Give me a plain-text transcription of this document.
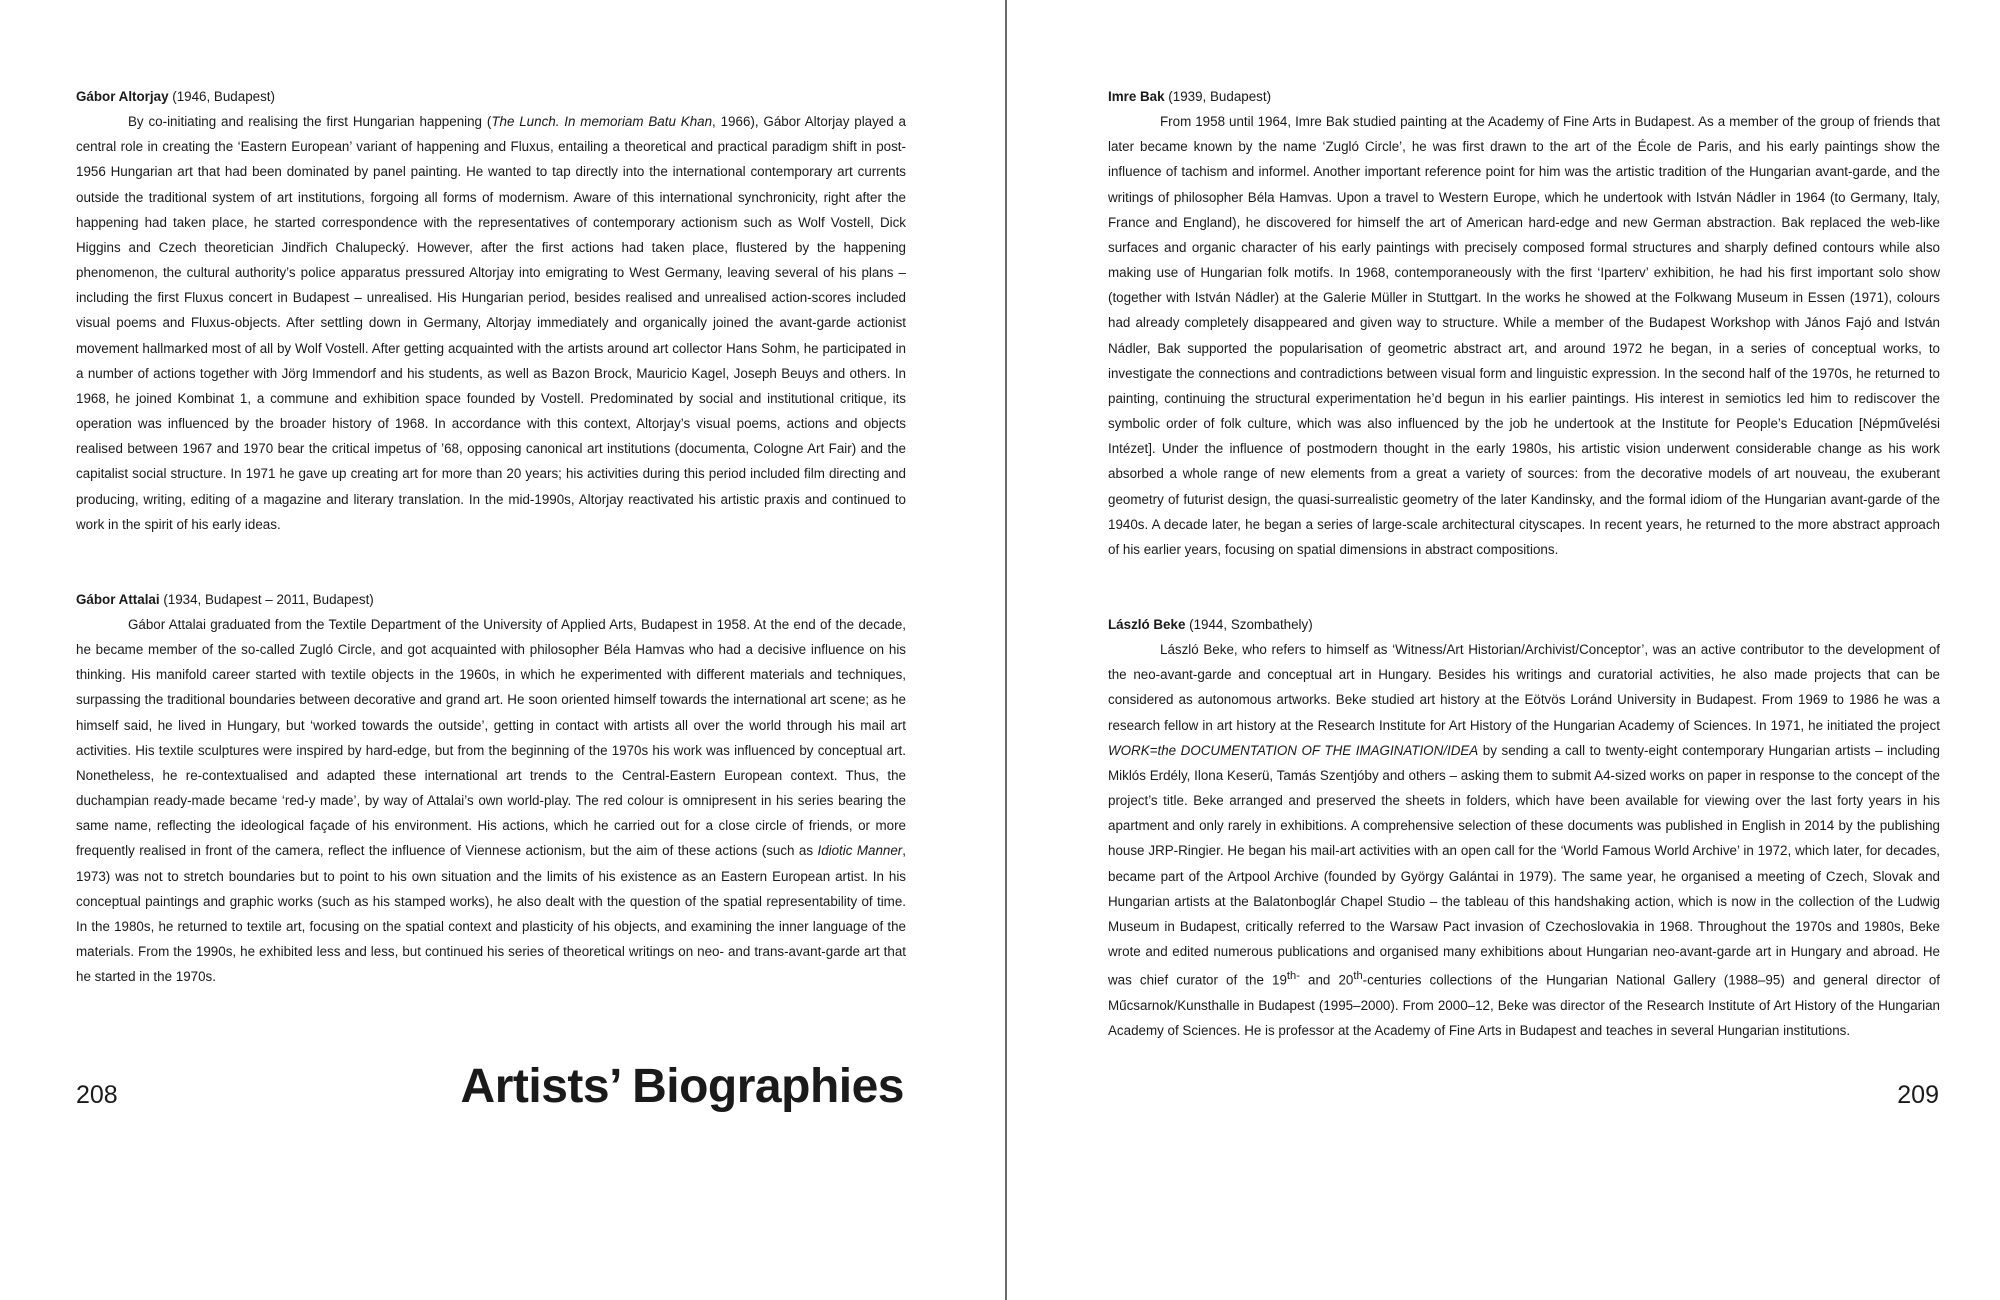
Gábor Altorjay (1946, Budapest)

By co-initiating and realising the first Hungarian happening (The Lunch. In memoriam Batu Khan, 1966), Gábor Altorjay played a central role in creating the ‘Eastern European’ variant of happening and Fluxus, entailing a theoretical and practical paradigm shift in post-1956 Hungarian art that had been dominated by panel painting. He wanted to tap directly into the international contemporary art currents outside the traditional system of art institutions, forgoing all forms of modernism. Aware of this international synchronicity, right after the happening had taken place, he started correspondence with the representatives of contemporary actionism such as Wolf Vostell, Dick Higgins and Czech theoretician Jindřich Chalupecký. However, after the first actions had taken place, flustered by the happening phenomenon, the cultural authority’s police apparatus pressured Altorjay into emigrating to West Germany, leaving several of his plans – including the first Fluxus concert in Budapest – unrealised. His Hungarian period, besides realised and unrealised action-scores included visual poems and Fluxus-objects. After settling down in Germany, Altorjay immediately and organically joined the avant-garde actionist movement hallmarked most of all by Wolf Vostell. After getting acquainted with the artists around art collector Hans Sohm, he participated in a number of actions together with Jörg Immendorf and his students, as well as Bazon Brock, Mauricio Kagel, Joseph Beuys and others. In 1968, he joined Kombinat 1, a commune and exhibition space founded by Vostell. Predominated by social and institutional critique, its operation was influenced by the broader history of 1968. In accordance with this context, Altorjay’s visual poems, actions and objects realised between 1967 and 1970 bear the critical impetus of ’68, opposing canonical art institutions (documenta, Cologne Art Fair) and the capitalist social structure. In 1971 he gave up creating art for more than 20 years; his activities during this period included film directing and producing, writing, editing of a magazine and literary translation. In the mid-1990s, Altorjay reactivated his artistic praxis and continued to work in the spirit of his early ideas.

Gábor Attalai (1934, Budapest – 2011, Budapest)

Gábor Attalai graduated from the Textile Department of the University of Applied Arts, Budapest in 1958. At the end of the decade, he became member of the so-called Zugló Circle, and got acquainted with philosopher Béla Hamvas who had a decisive influence on his thinking. His manifold career started with textile objects in the 1960s, in which he experimented with different materials and techniques, surpassing the traditional boundaries between decorative and grand art. He soon oriented himself towards the international art scene; as he himself said, he lived in Hungary, but ‘worked towards the outside’, getting in contact with artists all over the world through his mail art activities. His textile sculptures were inspired by hard-edge, but from the beginning of the 1970s his work was influenced by conceptual art. Nonetheless, he re-contextualised and adapted these international art trends to the Central-Eastern European context. Thus, the duchampian ready-made became ‘red-y made’, by way of Attalai’s own world-play. The red colour is omnipresent in his series bearing the same name, reflecting the ideological façade of his environment. His actions, which he carried out for a close circle of friends, or more frequently realised in front of the camera, reflect the influence of Viennese actionism, but the aim of these actions (such as Idiotic Manner, 1973) was not to stretch boundaries but to point to his own situation and the limits of his existence as an Eastern European artist. In his conceptual paintings and graphic works (such as his stamped works), he also dealt with the question of the spatial representability of time. In the 1980s, he returned to textile art, focusing on the spatial context and plasticity of his objects, and examining the inner language of the materials. From the 1990s, he exhibited less and less, but continued his series of theoretical writings on neo- and trans-avant-garde art that he started in the 1970s.

208	Artists’ Biographies

Imre Bak (1939, Budapest)

From 1958 until 1964, Imre Bak studied painting at the Academy of Fine Arts in Budapest. As a member of the group of friends that later became known by the name ‘Zugló Circle’, he was first drawn to the art of the École de Paris, and his early paintings show the influence of tachism and informel. Another important reference point for him was the artistic tradition of the Hungarian avant-garde, and the writings of philosopher Béla Hamvas. Upon a travel to Western Europe, which he undertook with István Nádler in 1964 (to Germany, Italy, France and England), he discovered for himself the art of American hard-edge and new German abstraction. Bak replaced the web-like surfaces and organic character of his early paintings with precisely composed formal structures and sharply defined contours while also making use of Hungarian folk motifs. In 1968, contemporaneously with the first ‘Iparterv’ exhibition, he had his first important solo show (together with István Nádler) at the Galerie Müller in Stuttgart. In the works he showed at the Folkwang Museum in Essen (1971), colours had already completely disappeared and given way to structure. While a member of the Budapest Workshop with János Fajó and István Nádler, Bak supported the popularisation of geometric abstract art, and around 1972 he began, in a series of conceptual works, to investigate the connections and contradictions between visual form and linguistic expression. In the second half of the 1970s, he returned to painting, continuing the structural experimentation he’d begun in his earlier paintings. His interest in semiotics led him to rediscover the symbolic order of folk culture, which was also influenced by the job he undertook at the Institute for People’s Education [Népművelési Intézet]. Under the influence of postmodern thought in the early 1980s, his artistic vision underwent considerable change as his work absorbed a whole range of new elements from a great a variety of sources: from the decorative models of art nouveau, the exuberant geometry of futurist design, the quasi-surrealistic geometry of the later Kandinsky, and the formal idiom of the Hungarian avant-garde of the 1940s. A decade later, he began a series of large-scale architectural cityscapes. In recent years, he returned to the more abstract approach of his earlier years, focusing on spatial dimensions in abstract compositions.

László Beke (1944, Szombathely)

László Beke, who refers to himself as ‘Witness/Art Historian/Archivist/Conceptor’, was an active contributor to the development of the neo-avant-garde and conceptual art in Hungary. Besides his writings and curatorial activities, he also made projects that can be considered as autonomous artworks. Beke studied art history at the Eötvös Loránd University in Budapest. From 1969 to 1986 he was a research fellow in art history at the Research Institute for Art History of the Hungarian Academy of Sciences. In 1971, he initiated the project WORK=the DOCUMENTATION OF THE IMAGINATION/IDEA by sending a call to twenty-eight contemporary Hungarian artists – including Miklós Erdély, Ilona Keserü, Tamás Szentjóby and others – asking them to submit A4-sized works on paper in response to the concept of the project’s title. Beke arranged and preserved the sheets in folders, which have been available for viewing over the last forty years in his apartment and only rarely in exhibitions. A comprehensive selection of these documents was published in English in 2014 by the publishing house JRP-Ringier. He began his mail-art activities with an open call for the ‘World Famous World Archive’ in 1972, which later, for decades, became part of the Artpool Archive (founded by György Galántai in 1979). The same year, he organised a meeting of Czech, Slovak and Hungarian artists at the Balatonboglár Chapel Studio – the tableau of this handshaking action, which is now in the collection of the Ludwig Museum in Budapest, critically referred to the Warsaw Pact invasion of Czechoslovakia in 1968. Throughout the 1970s and 1980s, Beke wrote and edited numerous publications and organised many exhibitions about Hungarian neo-avant-garde art in Hungary and abroad. He was chief curator of the $19^{th-}$ and 20th-centuries collections of the Hungarian National Gallery (1988–95) and general director of Műcsarnok/Kunsthalle in Budapest (1995–2000). From 2000–12, Beke was director of the Research Institute of Art History of the Hungarian Academy of Sciences. He is professor at the Academy of Fine Arts in Budapest and teaches in several Hungarian institutions.

209
